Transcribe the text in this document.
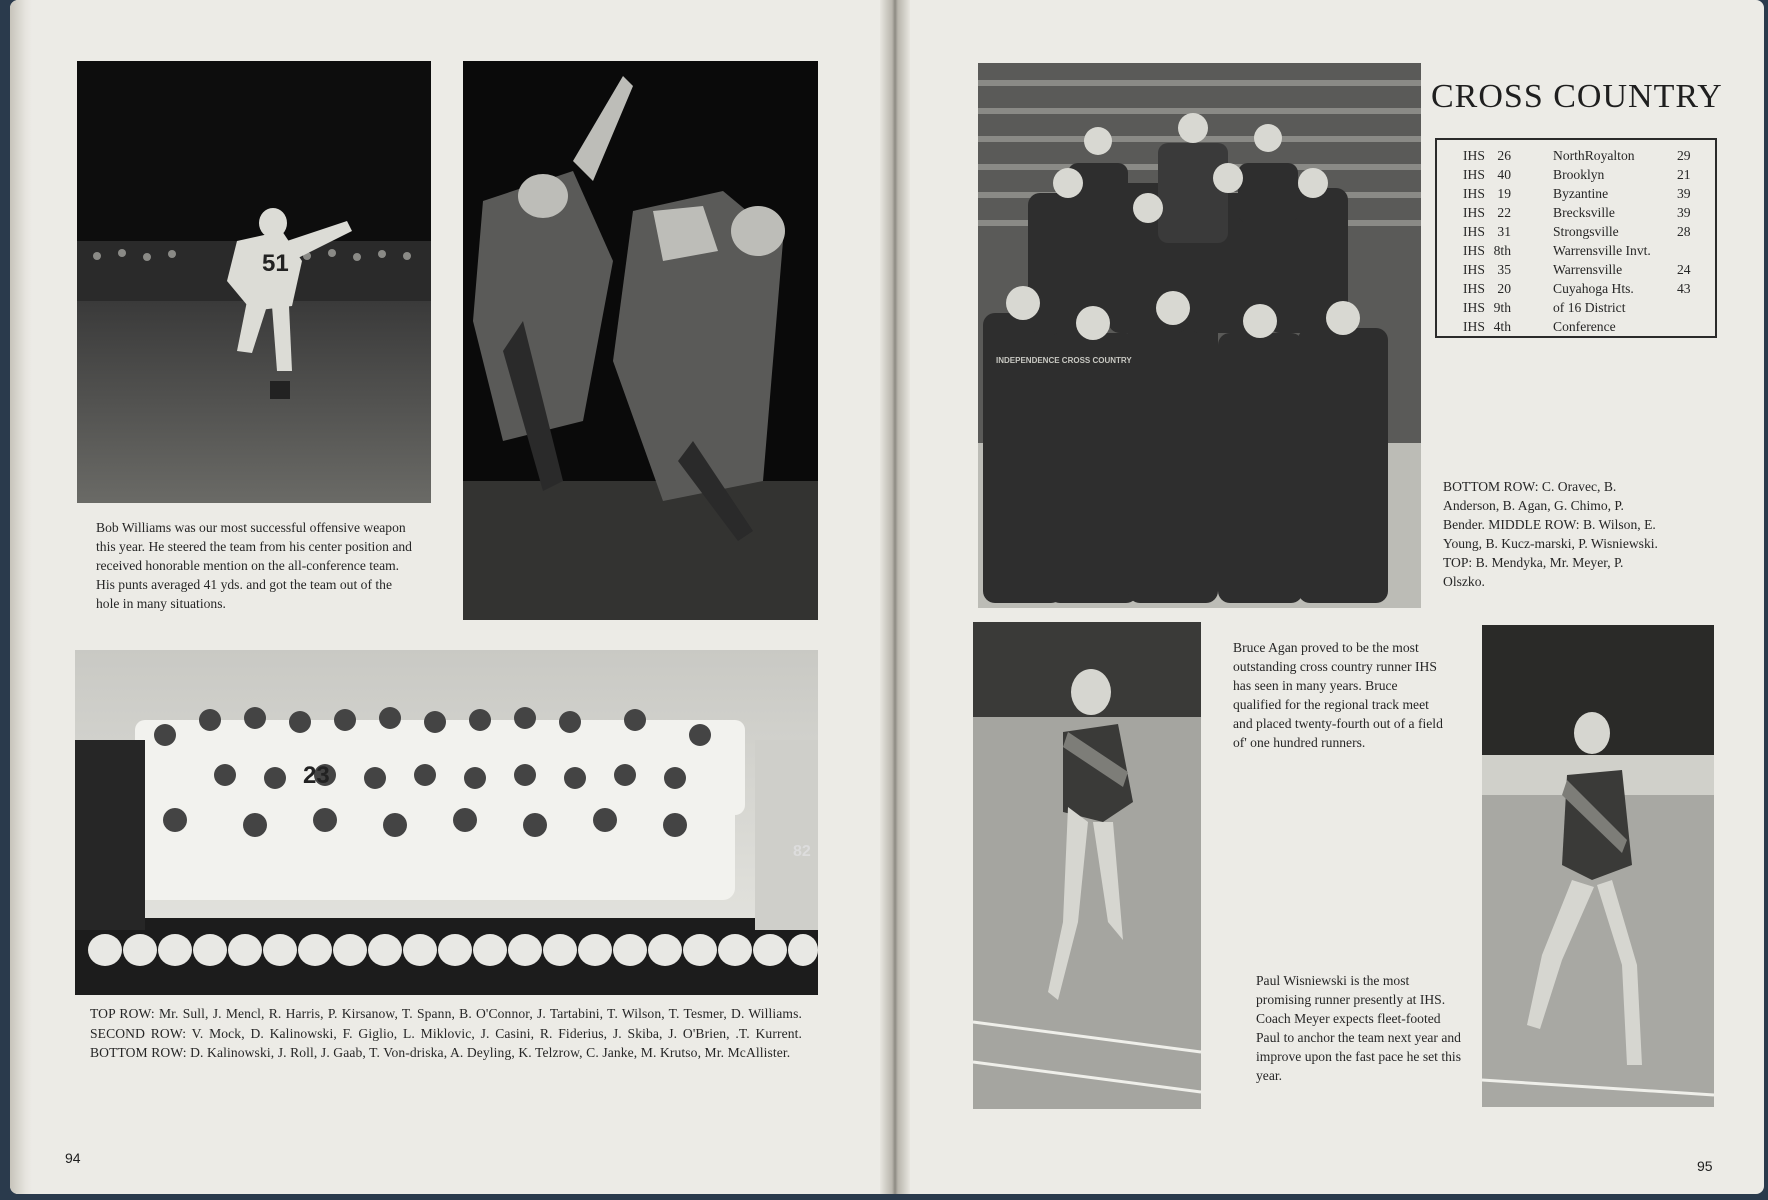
51
Bob Williams was our most successful offensive weapon this year. He steered the team from his center position and received honorable mention on the all-conference team. His punts averaged 41 yds. and got the team out of the hole in many situations.
23
82
TOP ROW: Mr. Sull, J. Mencl, R. Harris, P. Kirsanow, T. Spann, B. O'Connor, J. Tartabini, T. Wilson, T. Tesmer, D. Williams. SECOND ROW: V. Mock, D. Kalinowski, F. Giglio, L. Miklovic, J. Casini, R. Fiderius, J. Skiba, J. O'Brien, .T. Kurrent. BOTTOM ROW: D. Kalinowski, J. Roll, J. Gaab, T. Von-driska, A. Deyling, K. Telzrow, C. Janke, M. Krutso, Mr. McAllister.
94
INDEPENDENCE CROSS COUNTRY
CROSS COUNTRY
IHS 26	NorthRoyalton	29
IHS 40	Brooklyn	21
IHS 19	Byzantine	39
IHS 22	Brecksville	39
IHS 31	Strongsville	28
IHS 8th	Warrensville Invt.
IHS 35	Warrensville	24
IHS 20	Cuyahoga Hts.	43
IHS 9th	of 16 District
IHS 4th	Conference
BOTTOM ROW: C. Oravec, B. Anderson, B. Agan, G. Chimo, P. Bender. MIDDLE ROW: B. Wilson, E. Young, B. Kucz-marski, P. Wisniewski. TOP: B. Mendyka, Mr. Meyer, P. Olszko.
Bruce Agan proved to be the most outstanding cross country runner IHS has seen in many years. Bruce qualified for the regional track meet and placed twenty-fourth out of a field of' one hundred runners.
Paul Wisniewski is the most promising runner presently at IHS. Coach Meyer expects fleet-footed Paul to anchor the team next year and improve upon the fast pace he set this year.
95
